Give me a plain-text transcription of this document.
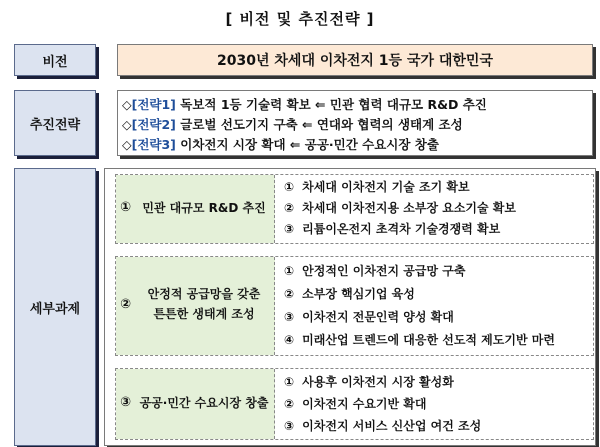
[ 비전 및 추진전략 ]
비전	2030년 차세대 이차전지 1등 국가 대한민국
추진전략
◇[전략1] 독보적 1등 기술력 확보 ⇐ 민관 협력 대규모 R&D 추진
◇[전략2] 글로벌 선도기지 구축 ⇐ 연대와 협력의 생태계 조성
◇[전략3] 이차전지 시장 확대 ⇐ 공공·민간 수요시장 창출
세부과제
① 민관 대규모 R&D 추진
① 차세대 이차전지 기술 조기 확보
② 차세대 이차전지용 소부장 요소기술 확보
③ 리튬이온전지 초격차 기술경쟁력 확보
②
안정적 공급망을 갖춘
튼튼한 생태계 조성
① 안정적인 이차전지 공급망 구축
② 소부장 핵심기업 육성
③ 이차전지 전문인력 양성 확대
④ 미래산업 트렌드에 대응한 선도적 제도기반 마련
③ 공공·민간 수요시장 창출
① 사용후 이차전지 시장 활성화
② 이차전지 수요기반 확대
③ 이차전지 서비스 신산업 여건 조성
